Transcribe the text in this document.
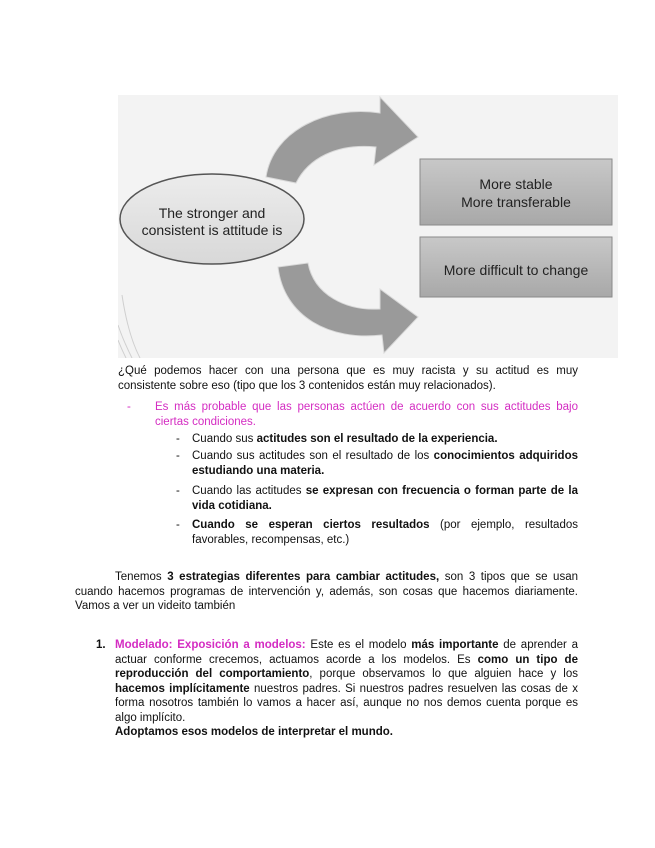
The stronger and
consistent is attitude is
More stable
More transferable
More difficult to change
¿Qué podemos hacer con una persona que es muy racista y su actitud es muy consistente sobre eso (tipo que los 3 contenidos están muy relacionados).
- Es más probable que las personas actúen de acuerdo con sus actitudes bajo ciertas condiciones.
- Cuando sus actitudes son el resultado de la experiencia.
- Cuando sus actitudes son el resultado de los conocimientos adquiridos estudiando una materia.
- Cuando las actitudes se expresan con frecuencia o forman parte de la vida cotidiana.
- Cuando se esperan ciertos resultados (por ejemplo, resultados favorables, recompensas, etc.)
Tenemos 3 estrategias diferentes para cambiar actitudes, son 3 tipos que se usan cuando hacemos programas de intervención y, además, son cosas que hacemos diariamente. Vamos a ver un videito también
1. Modelado: Exposición a modelos: Este es el modelo más importante de aprender a actuar conforme crecemos, actuamos acorde a los modelos. Es como un tipo de reproducción del comportamiento, porque observamos lo que alguien hace y los hacemos implícitamente nuestros padres. Si nuestros padres resuelven las cosas de x forma nosotros también lo vamos a hacer así, aunque no nos demos cuenta porque es algo implícito.
Adoptamos esos modelos de interpretar el mundo.
